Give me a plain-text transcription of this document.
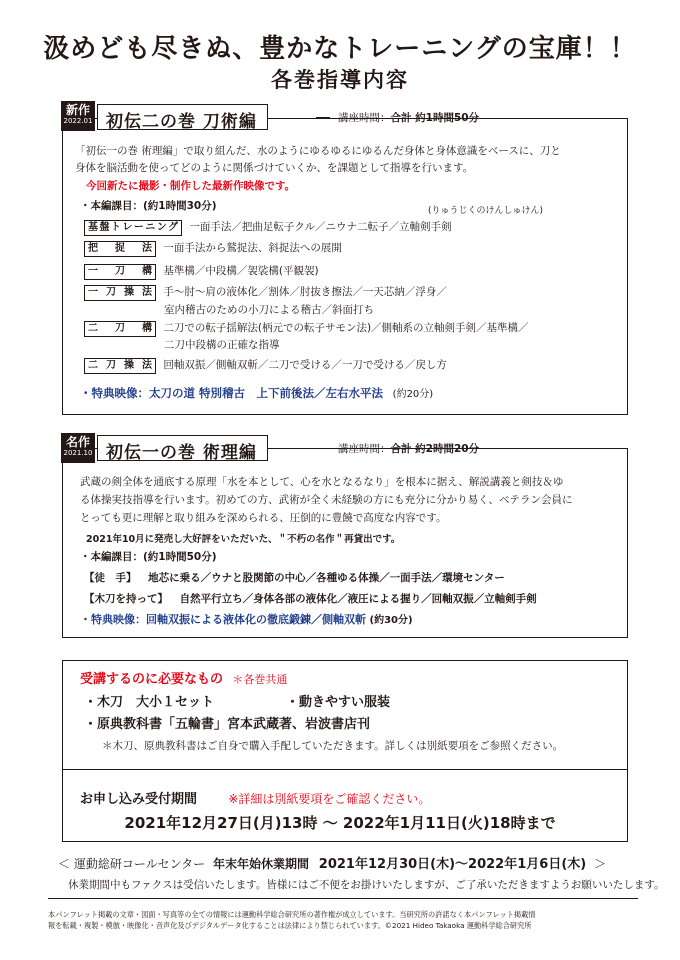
汲めども尽きぬ、豊かなトレーニングの宝庫！！
各巻指導内容
新作
2022.01 初伝二の巻 刀術編	講座時間：合計 約1時間50分
「初伝一の巻 術理編」で取り組んだ、水のようにゆるゆるにゆるんだ身体と身体意識をベースに、刀と
身体を脳活動を使ってどのように関係づけていくか、を課題として指導を行います。
今回新たに撮影・制作した最新作映像です。
・本編課目：(約1時間30分)	(りゅうじくのけんしゅけん)
基盤トレーニング 一面手法／把曲足転子クル／ニウナ二転子／立軸剣手剣
把　捉　法 一面手法から鷲捉法、斜捉法への展開
一　刀　構 基準構／中段構／袈裟構(平観袈)
一刀操法 手～肘～肩の液体化／割体／肘抜き擦法／一天芯納／浮身／
室内稽古のための小刀による稽古／斜面打ち
二　刀　構 二刀での転子揺解法(柄元での転子サモン法)／側軸系の立軸剣手剣／基準構／
二刀中段構の正確な指導
二刀操法 回軸双振／側軸双斬／二刀で受ける／一刀で受ける／戻し方
・特典映像：太刀の道 特別稽古　上下前後法／左右水平法 (約20分)
名作
2021.10 初伝一の巻 術理編	講座時間：合計 約2時間20分
武蔵の剣全体を通底する原理「水を本として、心を水となるなり」を根本に据え、解説講義と剣技＆ゆ
る体操実技指導を行います。初めての方、武術が全く未経験の方にも充分に分かり易く、ベテラン会員に
とっても更に理解と取り組みを深められる、圧倒的に豊饒で高度な内容です。
2021年10月に発売し大好評をいただいた、＂不朽の名作＂再貸出です。
・本編課目：(約1時間50分)
【徒　手】 地芯に乗る／ウナと股関節の中心／各種ゆる体操／一面手法／環境センター
【木刀を持って】 自然平行立ち／身体各部の液体化／液圧による握り／回軸双振／立軸剣手剣
・特典映像：回軸双振による液体化の徹底鍛錬／側軸双斬 (約30分)
受講するのに必要なもの ＊各巻共通
・木刀　大小１セット	・動きやすい服装
・原典教科書「五輪書」宮本武蔵著、岩波書店刊
＊木刀、原典教科書はご自身で購入手配していただきます。詳しくは別紙要項をご参照ください。
お申し込み受付期間	※詳細は別紙要項をご確認ください。
2021年12月27日(月)13時 〜 2022年1月11日(火)18時まで
＜ 運動総研コールセンター 年末年始休業期間 2021年12月30日(木)〜2022年1月6日(木) ＞
休業期間中もファクスは受信いたします。皆様にはご不便をお掛けいたしますが、ご了承いただきますようお願いいたします。
本パンフレット掲載の文章・図面・写真等の全ての情報には運動科学総合研究所の著作権が成立しています。当研究所の許諾なく本パンフレット掲載情
報を転載・複製・模倣・映像化・音声化及びデジタルデータ化することは法律により禁じられています。©2021 Hideo Takaoka 運動科学総合研究所
